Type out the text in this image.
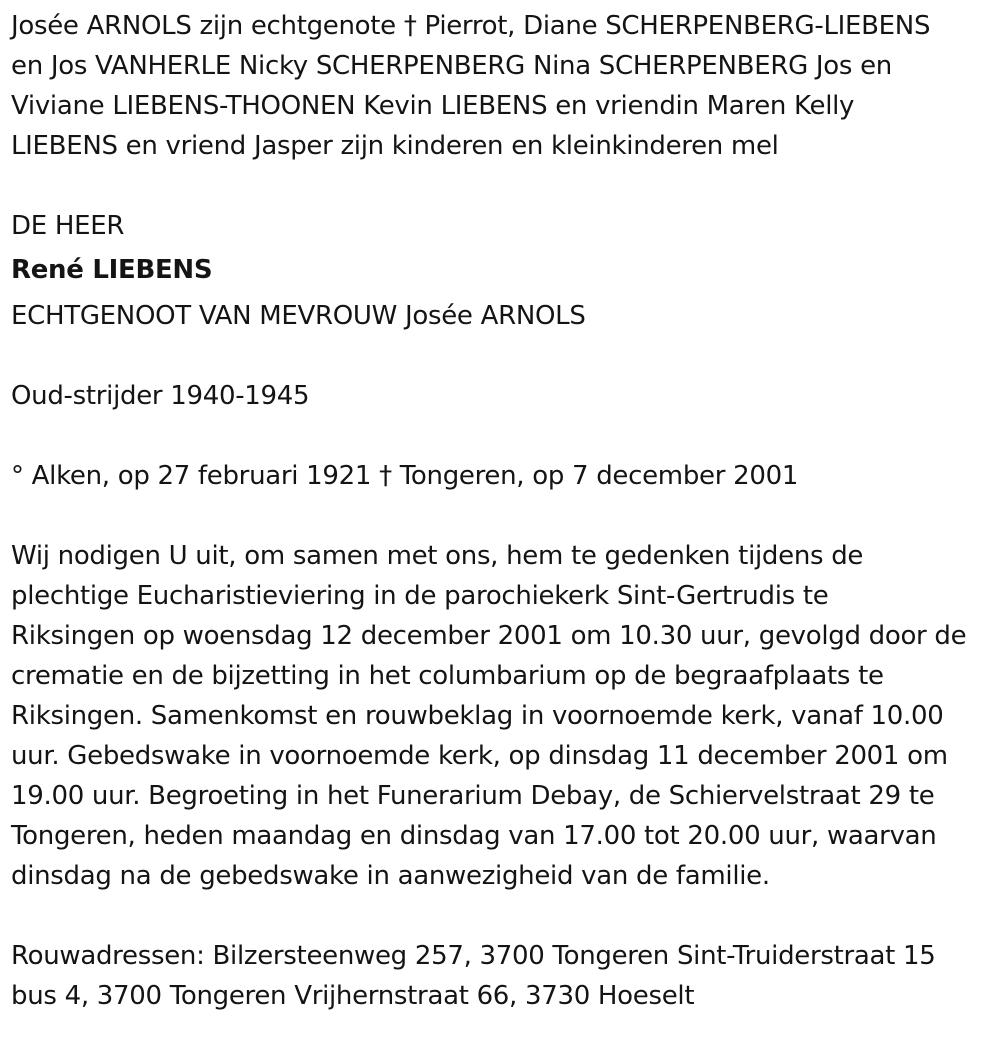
Josée ARNOLS zijn echtgenote † Pierrot, Diane SCHERPENBERG-LIEBENS
en Jos VANHERLE Nicky SCHERPENBERG Nina SCHERPENBERG Jos en
Viviane LIEBENS-THOONEN Kevin LIEBENS en vriendin Maren Kelly
LIEBENS en vriend Jasper zijn kinderen en kleinkinderen mel

DE HEER

René LIEBENS

ECHTGENOOT VAN MEVROUW Josée ARNOLS

Oud-strijder 1940-1945

° Alken, op 27 februari 1921 † Tongeren, op 7 december 2001

Wij nodigen U uit, om samen met ons, hem te gedenken tijdens de
plechtige Eucharistieviering in de parochiekerk Sint-Gertrudis te
Riksingen op woensdag 12 december 2001 om 10.30 uur, gevolgd door de
crematie en de bijzetting in het columbarium op de begraafplaats te
Riksingen. Samenkomst en rouwbeklag in voornoemde kerk, vanaf 10.00
uur. Gebedswake in voornoemde kerk, op dinsdag 11 december 2001 om
19.00 uur. Begroeting in het Funerarium Debay, de Schiervelstraat 29 te
Tongeren, heden maandag en dinsdag van 17.00 tot 20.00 uur, waarvan
dinsdag na de gebedswake in aanwezigheid van de familie.

Rouwadressen: Bilzersteenweg 257, 3700 Tongeren Sint-Truiderstraat 15
bus 4, 3700 Tongeren Vrijhernstraat 66, 3730 Hoeselt
